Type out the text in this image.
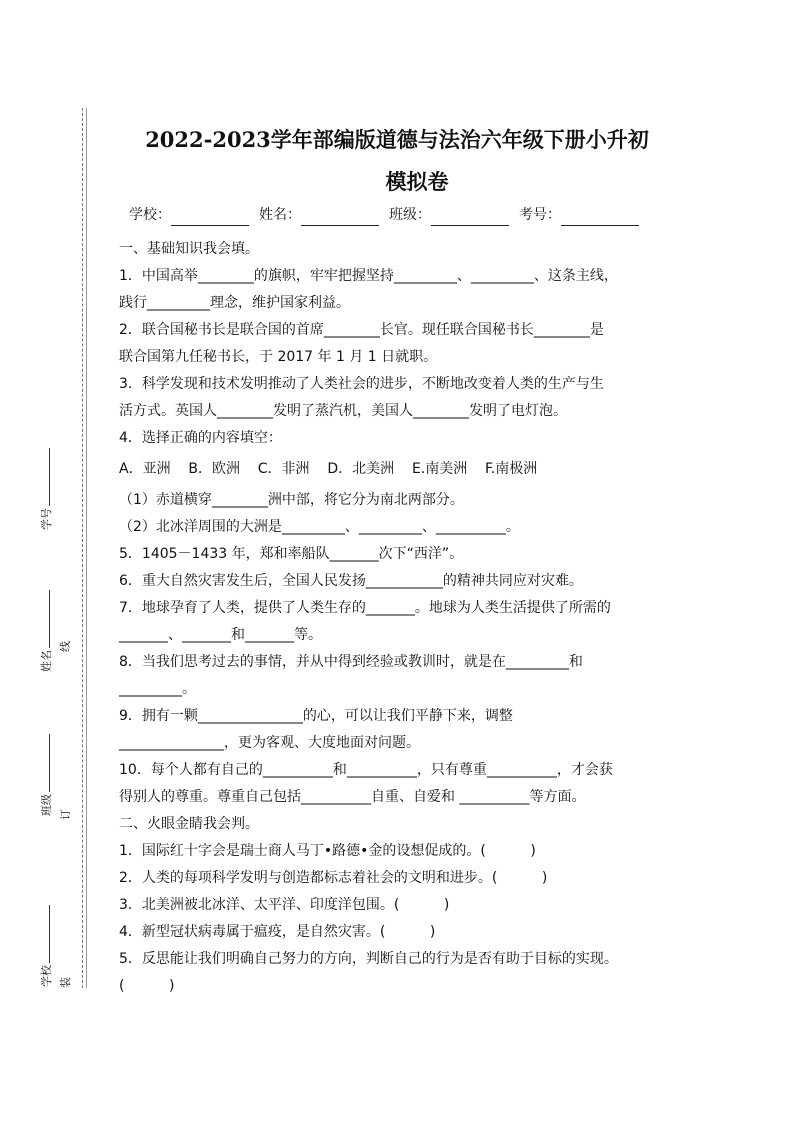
学号
姓名
班级
学校
线
订
装
2022-2023学年部编版道德与法治六年级下册小升初
模拟卷
学校：	姓名：	班级：	考号：
一、基础知识我会填。
1．中国高举________的旗帜，牢牢把握坚持_________、_________、这条主线，
践行_________理念，维护国家利益。
2．联合国秘书长是联合国的首席________长官。现任联合国秘书长________是
联合国第九任秘书长，于 2017 年 1 月 1 日就职。
3．科学发现和技术发明推动了人类社会的进步，不断地改变着人类的生产与生
活方式。英国人________发明了蒸汽机，美国人________发明了电灯泡。
4．选择正确的内容填空：
A．亚洲    B．欧洲    C．非洲    D．北美洲    E.南美洲    F.南极洲
（1）赤道横穿________洲中部，将它分为南北两部分。
（2）北冰洋周围的大洲是_________、_________、__________。
5．1405－1433 年，郑和率船队_______次下“西洋”。
6．重大自然灾害发生后，全国人民发扬___________的精神共同应对灾难。
7．地球孕育了人类，提供了人类生存的_______。地球为人类生活提供了所需的
_______、_______和_______等。
8．当我们思考过去的事情，并从中得到经验或教训时，就是在_________和
_________。
9．拥有一颗_______________的心，可以让我们平静下来，调整
_______________，更为客观、大度地面对问题。
10．每个人都有自己的__________和__________，只有尊重__________，才会获
得别人的尊重。尊重自己包括__________自重、自爱和 __________等方面。
二、火眼金睛我会判。
1．国际红十字会是瑞士商人马丁•路德•金的设想促成的。(          )
2．人类的每项科学发明与创造都标志着社会的文明和进步。(          )
3．北美洲被北冰洋、太平洋、印度洋包围。(          )
4．新型冠状病毒属于瘟疫，是自然灾害。(          )
5．反思能让我们明确自己努力的方向，判断自己的行为是否有助于目标的实现。
(          )
